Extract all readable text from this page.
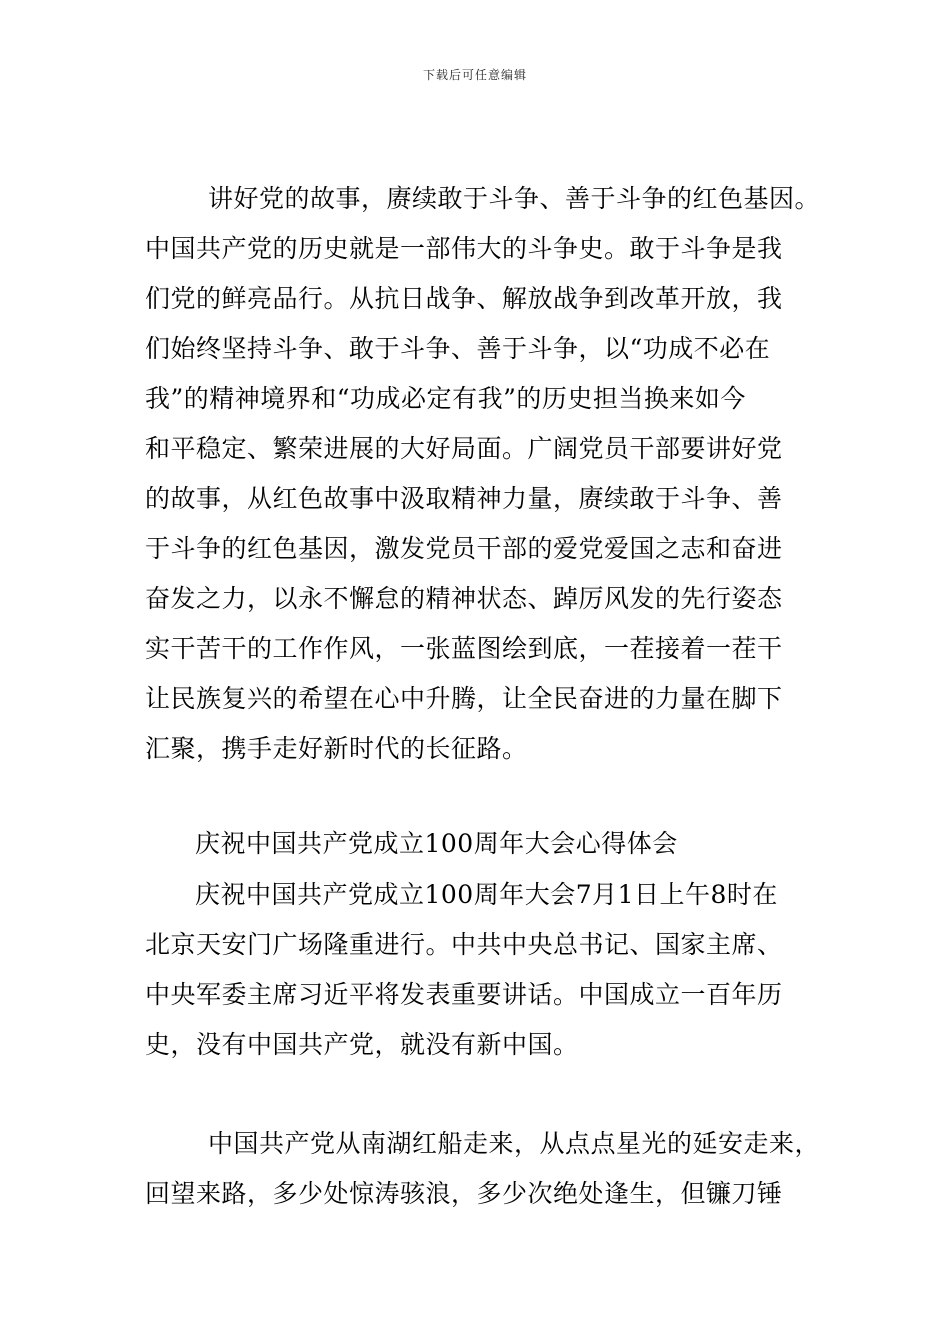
下载后可任意编辑
讲好党的故事，赓续敢于斗争、善于斗争的红色基因。
中国共产党的历史就是一部伟大的斗争史。敢于斗争是我
们党的鲜亮品行。从抗日战争、解放战争到改革开放，我
们始终坚持斗争、敢于斗争、善于斗争，以“功成不必在
我”的精神境界和“功成必定有我”的历史担当换来如今
和平稳定、繁荣进展的大好局面。广阔党员干部要讲好党
的故事，从红色故事中汲取精神力量，赓续敢于斗争、善
于斗争的红色基因，激发党员干部的爱党爱国之志和奋进
奋发之力，以永不懈怠的精神状态、踔厉风发的先行姿态
实干苦干的工作作风，一张蓝图绘到底，一茬接着一茬干
让民族复兴的希望在心中升腾，让全民奋进的力量在脚下
汇聚，携手走好新时代的长征路。
庆祝中国共产党成立100周年大会心得体会
庆祝中国共产党成立100周年大会7月1日上午8时在
北京天安门广场隆重进行。中共中央总书记、国家主席、
中央军委主席习近平将发表重要讲话。中国成立一百年历
史，没有中国共产党，就没有新中国。
中国共产党从南湖红船走来，从点点星光的延安走来，
回望来路，多少处惊涛骇浪，多少次绝处逢生，但镰刀锤
